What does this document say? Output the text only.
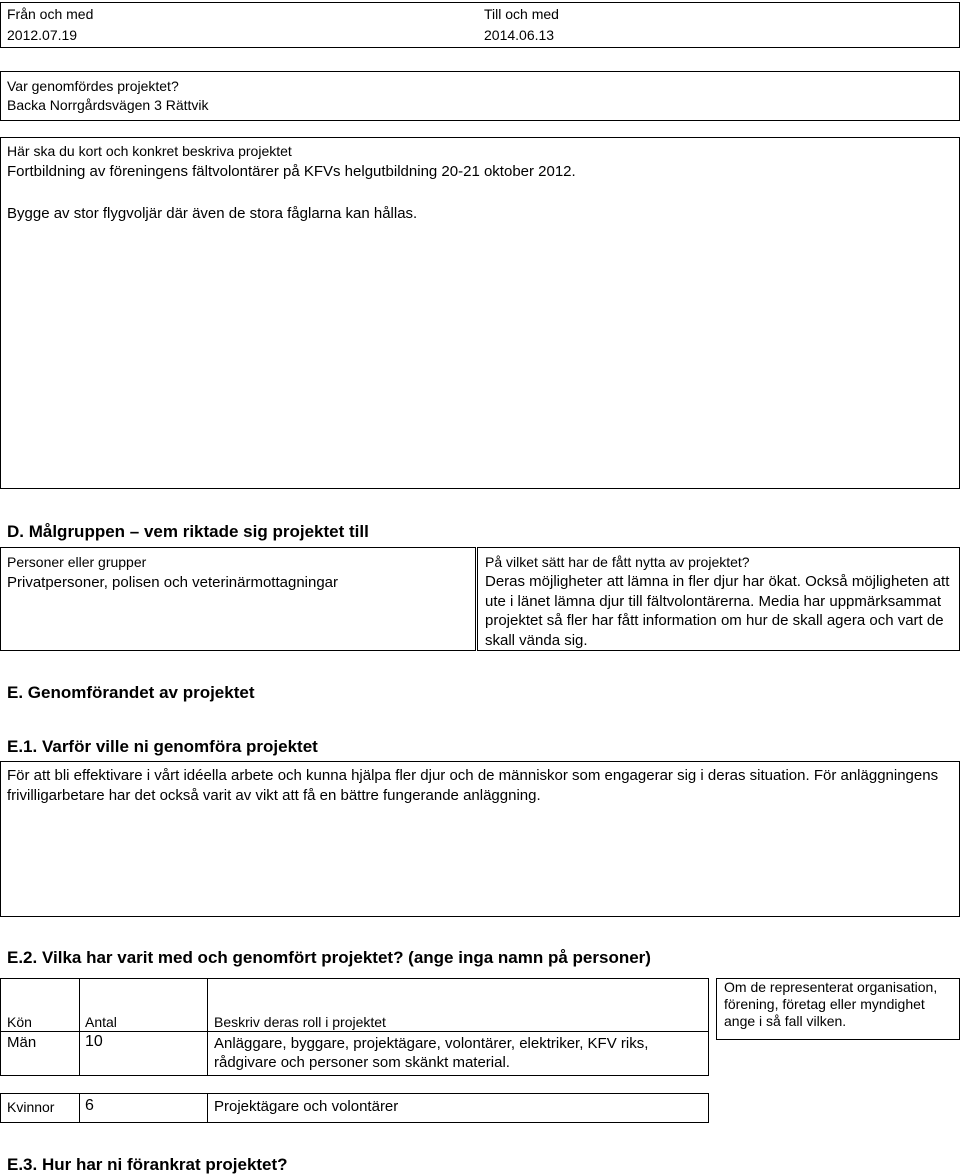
Från och med
2012.07.19
Till och med
2014.06.13
Var genomfördes projektet?
Backa Norrgårdsvägen 3 Rättvik
Här ska du kort och konkret beskriva projektet
Fortbildning av föreningens fältvolontärer på KFVs helgutbildning 20-21 oktober 2012.
Bygge av stor flygvoljär där även de stora fåglarna kan hållas.
D. Målgruppen – vem riktade sig projektet till
Personer eller grupper
Privatpersoner, polisen och veterinärmottagningar
På vilket sätt har de fått nytta av projektet?
Deras möjligheter att lämna in fler djur har ökat. Också möjligheten att ute i länet lämna djur till fältvolontärerna. Media har uppmärksammat projektet så fler har fått information om hur de skall agera och vart de skall vända sig.
E. Genomförandet av projektet
E.1. Varför ville ni genomföra projektet
För att bli effektivare i vårt idéella arbete och kunna hjälpa fler djur och de människor som engagerar sig i deras situation. För anläggningens frivilligarbetare har det också varit av vikt att få en bättre fungerande anläggning.
E.2. Vilka har varit med och genomfört projektet? (ange inga namn på personer)
Kön	Antal	Beskriv deras roll i projektet
Män	10	Anläggare, byggare, projektägare, volontärer, elektriker, KFV riks, rådgivare och personer som skänkt material.
Kvinnor 6	Projektägare och volontärer
Om de representerat organisation, förening, företag eller myndighet ange i så fall vilken.
E.3. Hur har ni förankrat projektet?
